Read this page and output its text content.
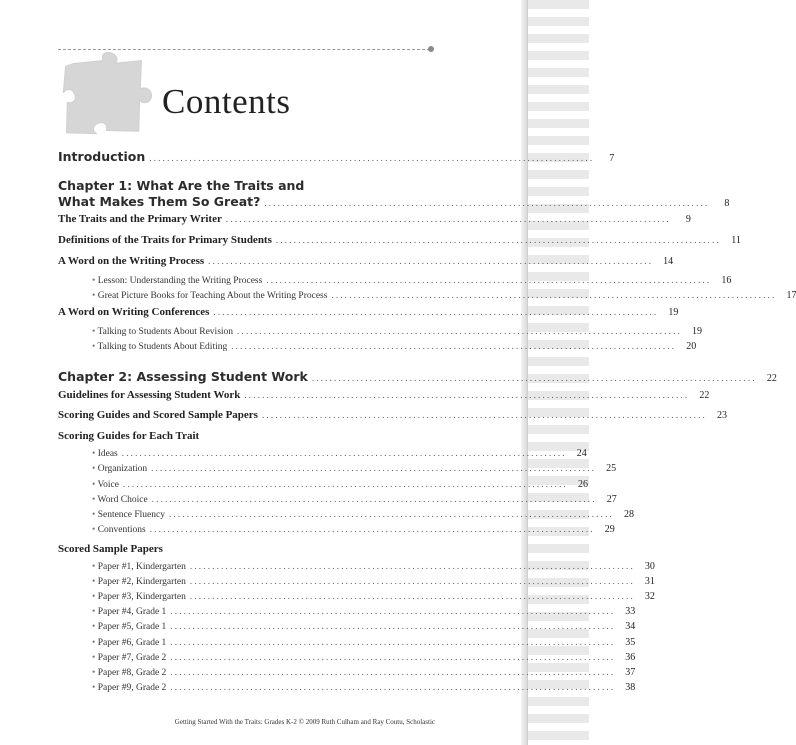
Contents
Introduction ....................................................................................................	7
Chapter 1: What Are the Traits and
What Makes Them So Great? ....................................................................................................	8
The Traits and the Primary Writer ....................................................................................................	9
Definitions of the Traits for Primary Students ....................................................................................................	11
A Word on the Writing Process ....................................................................................................	14
• Lesson: Understanding the Writing Process ....................................................................................................	16
• Great Picture Books for Teaching About the Writing Process ....................................................................................................	17
A Word on Writing Conferences ....................................................................................................	19
• Talking to Students About Revision ....................................................................................................	19
• Talking to Students About Editing ....................................................................................................	20
Chapter 2: Assessing Student Work ....................................................................................................	22
Guidelines for Assessing Student Work ....................................................................................................	22
Scoring Guides and Scored Sample Papers ....................................................................................................	23
Scoring Guides for Each Trait
• Ideas ....................................................................................................	24
• Organization ....................................................................................................	25
• Voice ....................................................................................................	26
• Word Choice ....................................................................................................	27
• Sentence Fluency ....................................................................................................	28
• Conventions ....................................................................................................	29
Scored Sample Papers
• Paper #1, Kindergarten ....................................................................................................	30
• Paper #2, Kindergarten ....................................................................................................	31
• Paper #3, Kindergarten ....................................................................................................	32
• Paper #4, Grade 1 ....................................................................................................	33
• Paper #5, Grade 1 ....................................................................................................	34
• Paper #6, Grade 1 ....................................................................................................	35
• Paper #7, Grade 2 ....................................................................................................	36
• Paper #8, Grade 2 ....................................................................................................	37
• Paper #9, Grade 2 ....................................................................................................	38
Getting Started With the Traits: Grades K-2 © 2009 Ruth Culham and Ray Coutu, Scholastic
